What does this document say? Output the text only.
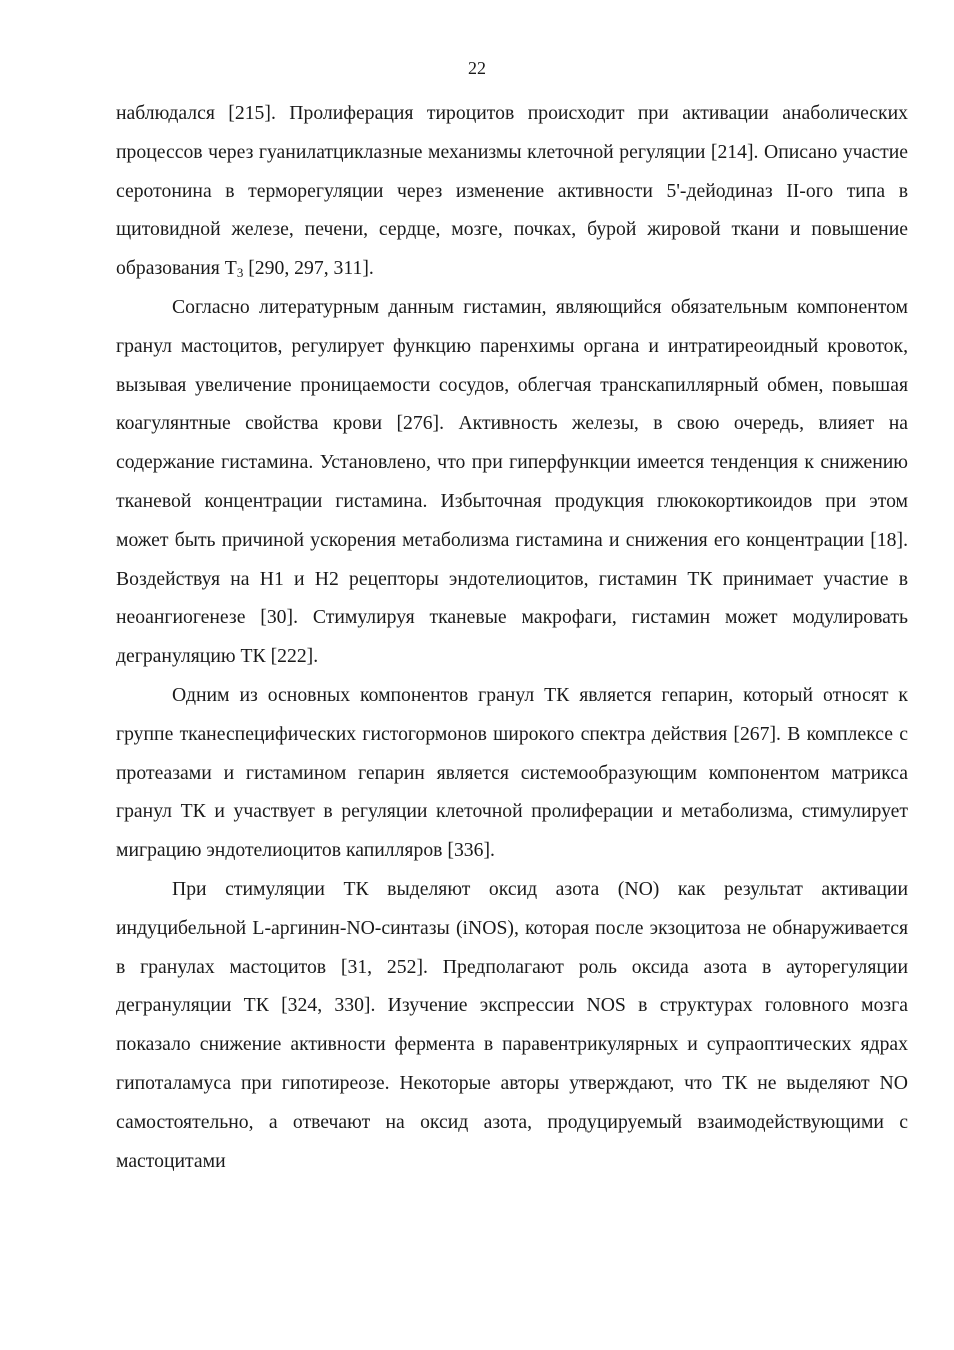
22

наблюдался [215]. Пролиферация тироцитов происходит при активации анаболических процессов через гуанилатциклазные механизмы клеточной регуляции [214]. Описано участие серотонина в терморегуляции через изменение активности 5'-дейодиназ II-ого типа в щитовидной железе, печени, сердце, мозге, почках, бурой жировой ткани и повышение образования $Т_3$ [290, 297, 311].

Согласно литературным данным гистамин, являющийся обязательным компонентом гранул мастоцитов, регулирует функцию паренхимы органа и интратиреоидный кровоток, вызывая увеличение проницаемости сосудов, облегчая транскапиллярный обмен, повышая коагулянтные свойства крови [276]. Активность железы, в свою очередь, влияет на содержание гистамина. Установлено, что при гиперфункции имеется тенденция к снижению тканевой концентрации гистамина. Избыточная продукция глюкокортикоидов при этом может быть причиной ускорения метаболизма гистамина и снижения его концентрации [18]. Воздействуя на Н1 и Н2 рецепторы эндотелиоцитов, гистамин ТК принимает участие в неоангиогенезе [30]. Стимулируя тканевые макрофаги, гистамин может модулировать дегрануляцию ТК [222].

Одним из основных компонентов гранул ТК является гепарин, который относят к группе тканеспецифических гистогормонов широкого спектра действия [267]. В комплексе с протеазами и гистамином гепарин является системообразующим компонентом матрикса гранул ТК и участвует в регуляции клеточной пролиферации и метаболизма, стимулирует миграцию эндотелиоцитов капилляров [336].

При стимуляции ТК выделяют оксид азота (NO) как результат активации индуцибельной L-аргинин-NO-синтазы (iNOS), которая после экзоцитоза не обнаруживается в гранулах мастоцитов [31, 252]. Предполагают роль оксида азота в ауторегуляции дегрануляции ТК [324, 330]. Изучение экспрессии NOS в структурах головного мозга показало снижение активности фермента в паравентрикулярных и супраоптических ядрах гипоталамуса при гипотиреозе. Некоторые авторы утверждают, что ТК не выделяют NO самостоятельно, а отвечают на оксид азота, продуцируемый взаимодействующими с мастоцитами
